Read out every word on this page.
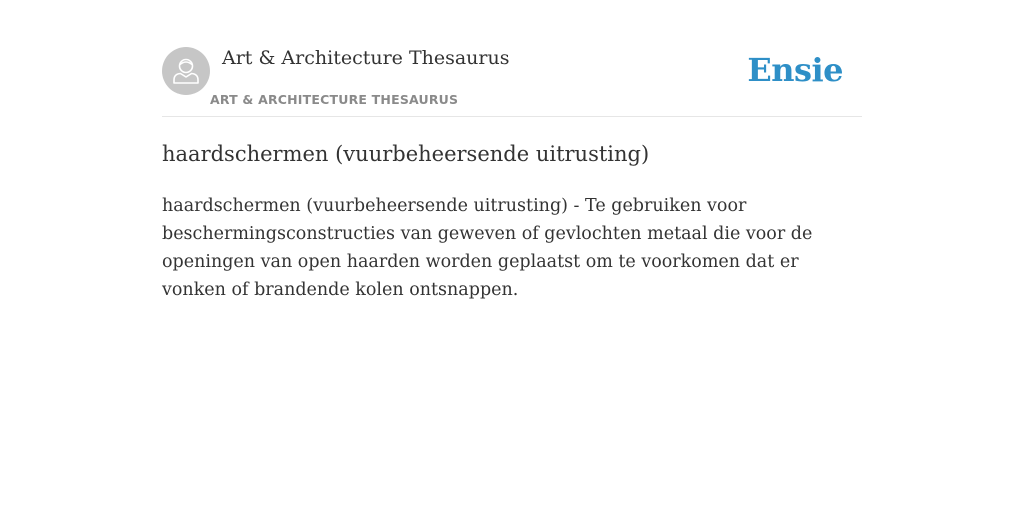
Art & Architecture Thesaurus
ART & ARCHITECTURE THESAURUS
Ensie
haardschermen (vuurbeheersende uitrusting)

haardschermen (vuurbeheersende uitrusting) - Te gebruiken voor beschermingsconstructies van geweven of gevlochten metaal die voor de openingen van open haarden worden geplaatst om te voorkomen dat er vonken of brandende kolen ontsnappen.
